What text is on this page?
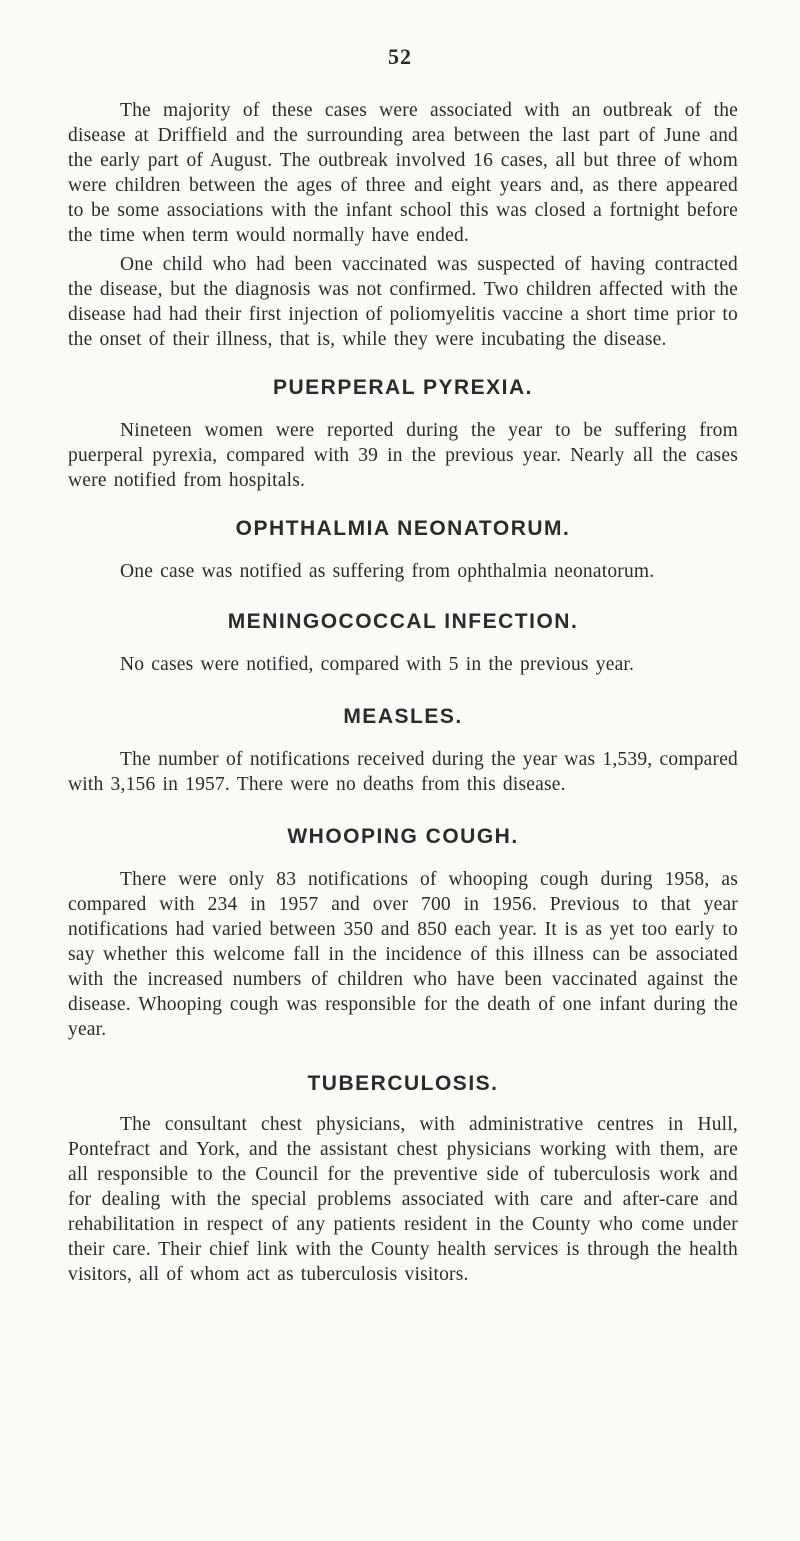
52

The majority of these cases were associated with an outbreak of the disease at Driffield and the surrounding area between the last part of June and the early part of August. The outbreak involved 16 cases, all but three of whom were children between the ages of three and eight years and, as there appeared to be some associations with the infant school this was closed a fortnight before the time when term would normally have ended.

One child who had been vaccinated was suspected of having contracted the disease, but the diagnosis was not confirmed. Two children affected with the disease had had their first injection of poliomyelitis vaccine a short time prior to the onset of their illness, that is, while they were incubating the disease.

PUERPERAL PYREXIA.

Nineteen women were reported during the year to be suffering from puerperal pyrexia, compared with 39 in the previous year. Nearly all the cases were notified from hospitals.

OPHTHALMIA NEONATORUM.

One case was notified as suffering from ophthalmia neonatorum.

MENINGOCOCCAL INFECTION.

No cases were notified, compared with 5 in the previous year.

MEASLES.

The number of notifications received during the year was 1,539, compared with 3,156 in 1957. There were no deaths from this disease.

WHOOPING COUGH.

There were only 83 notifications of whooping cough during 1958, as compared with 234 in 1957 and over 700 in 1956. Previous to that year notifications had varied between 350 and 850 each year. It is as yet too early to say whether this welcome fall in the incidence of this illness can be associated with the increased numbers of children who have been vaccinated against the disease. Whooping cough was responsible for the death of one infant during the year.

TUBERCULOSIS.

The consultant chest physicians, with administrative centres in Hull, Pontefract and York, and the assistant chest physicians working with them, are all responsible to the Council for the preventive side of tuberculosis work and for dealing with the special problems associated with care and after-care and rehabilitation in respect of any patients resident in the County who come under their care. Their chief link with the County health services is through the health visitors, all of whom act as tuberculosis visitors.
